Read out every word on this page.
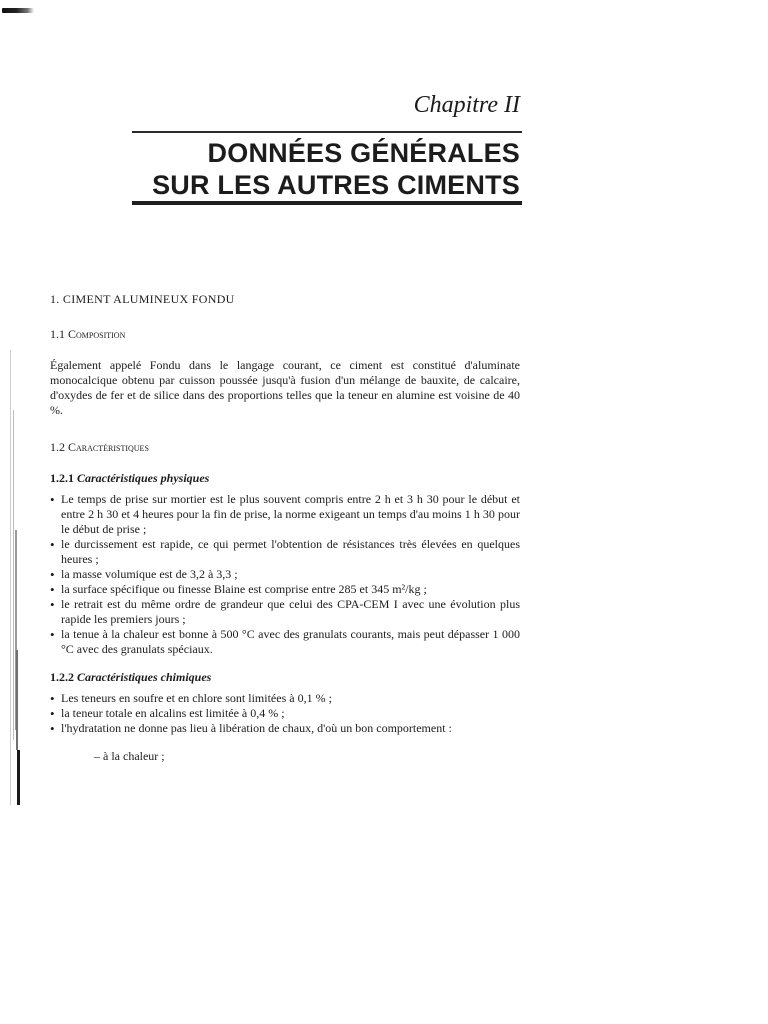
Chapitre II
DONNÉES GÉNÉRALES
SUR LES AUTRES CIMENTS
1. CIMENT ALUMINEUX FONDU
1.1 Composition

Également appelé Fondu dans le langage courant, ce ciment est constitué d'aluminate monocalcique obtenu par cuisson poussée jusqu'à fusion d'un mélange de bauxite, de calcaire, d'oxydes de fer et de silice dans des proportions telles que la teneur en alumine est voisine de 40 %.

1.2 Caractéristiques
1.2.1 Caractéristiques physiques
• Le temps de prise sur mortier est le plus souvent compris entre 2 h et 3 h 30 pour le début et entre 2 h 30 et 4 heures pour la fin de prise, la norme exigeant un temps d'au moins 1 h 30 pour le début de prise ;
• le durcissement est rapide, ce qui permet l'obtention de résistances très élevées en quelques heures ;
• la masse volumique est de 3,2 à 3,3 ;
• la surface spécifique ou finesse Blaine est comprise entre 285 et 345 m²/kg ;
• le retrait est du même ordre de grandeur que celui des CPA-CEM I avec une évolution plus rapide les premiers jours ;
• la tenue à la chaleur est bonne à 500 °C avec des granulats courants, mais peut dépasser 1 000 °C avec des granulats spéciaux.
1.2.2 Caractéristiques chimiques
• Les teneurs en soufre et en chlore sont limitées à 0,1 % ;
• la teneur totale en alcalins est limitée à 0,4 % ;
• l'hydratation ne donne pas lieu à libération de chaux, d'où un bon comportement :
– à la chaleur ;
